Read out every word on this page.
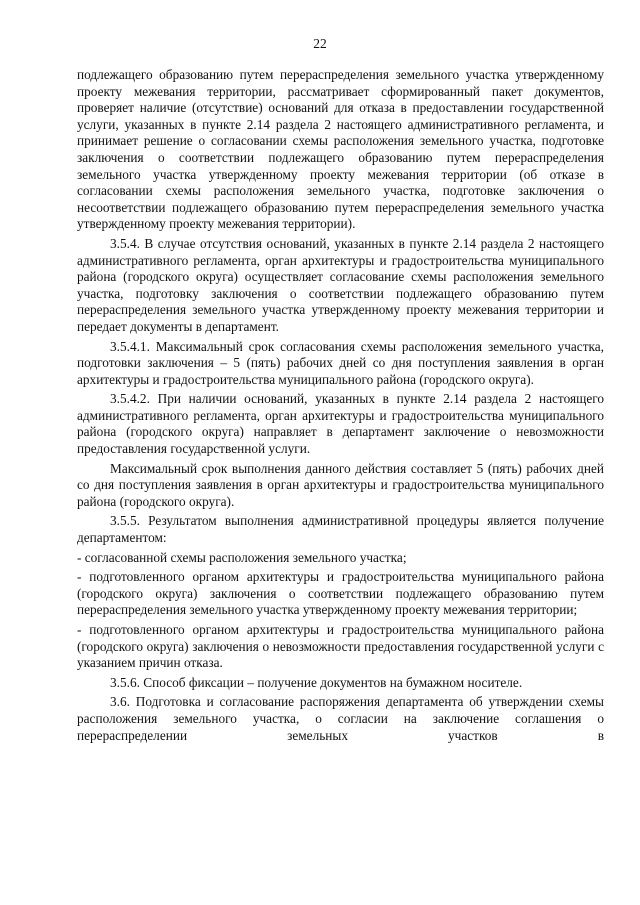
22

подлежащего образованию путем перераспределения земельного участка утвержденному проекту межевания территории, рассматривает сформированный пакет документов, проверяет наличие (отсутствие) оснований для отказа в предоставлении государственной услуги, указанных в пункте 2.14 раздела 2 настоящего административного регламента, и принимает решение о согласовании схемы расположения земельного участка, подготовке заключения о соответствии подлежащего образованию путем перераспределения земельного участка утвержденному проекту межевания территории (об отказе в согласовании схемы расположения земельного участка, подготовке заключения о несоответствии подлежащего образованию путем перераспределения земельного участка утвержденному проекту межевания территории).

3.5.4. В случае отсутствия оснований, указанных в пункте 2.14 раздела 2 настоящего административного регламента, орган архитектуры и градостроительства муниципального района (городского округа) осуществляет согласование схемы расположения земельного участка, подготовку заключения о соответствии подлежащего образованию путем перераспределения земельного участка утвержденному проекту межевания территории и передает документы в департамент.

3.5.4.1. Максимальный срок согласования схемы расположения земельного участка, подготовки заключения – 5 (пять) рабочих дней со дня поступления заявления в орган архитектуры и градостроительства муниципального района (городского округа).

3.5.4.2. При наличии оснований, указанных в пункте 2.14 раздела 2 настоящего административного регламента, орган архитектуры и градостроительства муниципального района (городского округа) направляет в департамент заключение о невозможности предоставления государственной услуги.

Максимальный срок выполнения данного действия составляет 5 (пять) рабочих дней со дня поступления заявления в орган архитектуры и градостроительства муниципального района (городского округа).

3.5.5. Результатом выполнения административной процедуры является получение департаментом:

- согласованной схемы расположения земельного участка;

- подготовленного органом архитектуры и градостроительства муниципального района (городского округа) заключения о соответствии подлежащего образованию путем перераспределения земельного участка утвержденному проекту межевания территории;

- подготовленного органом архитектуры и градостроительства муниципального района (городского округа) заключения о невозможности предоставления государственной услуги с указанием причин отказа.

3.5.6. Способ фиксации – получение документов на бумажном носителе.

3.6. Подготовка и согласование распоряжения департамента об утверждении схемы расположения земельного участка, о согласии на заключение соглашения о перераспределении земельных участков в
